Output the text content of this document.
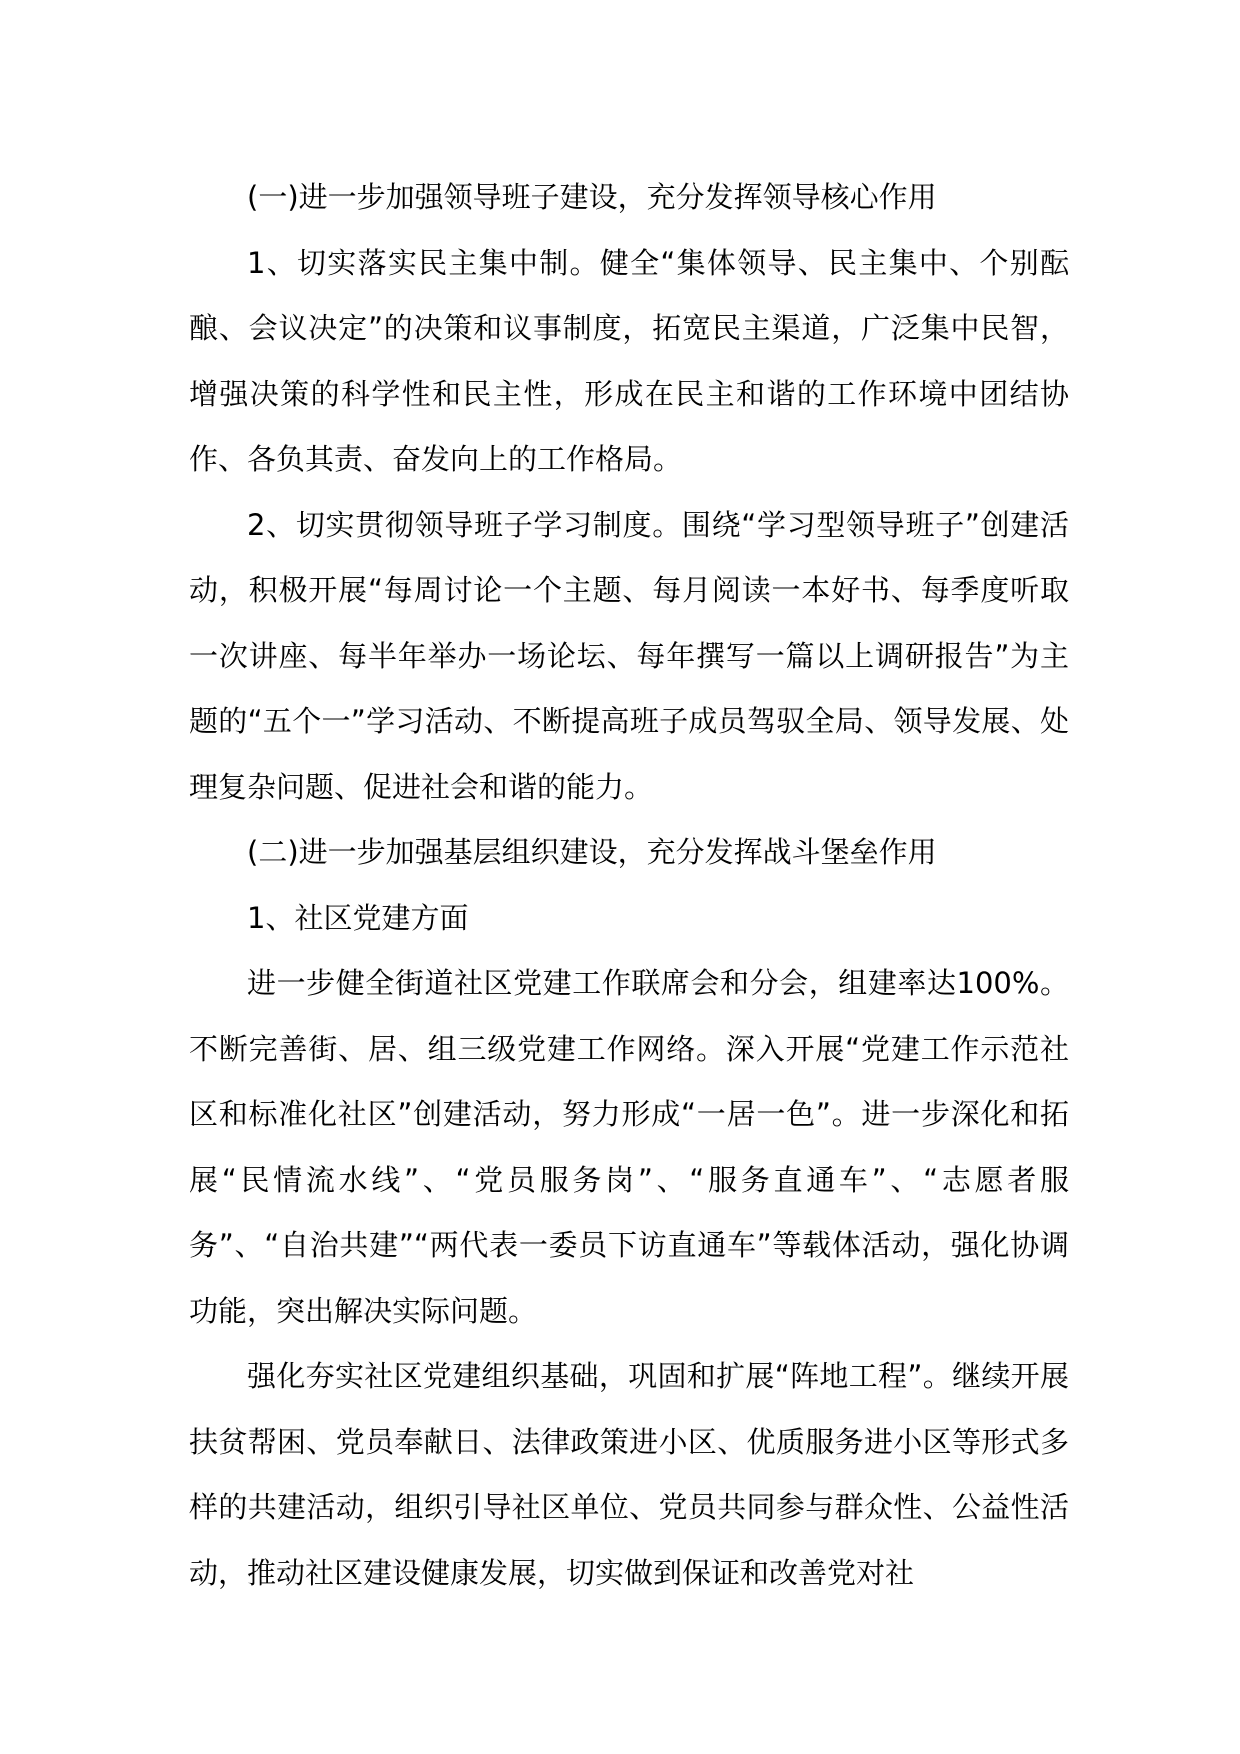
(一)进一步加强领导班子建设，充分发挥领导核心作用

1、切实落实民主集中制。健全“集体领导、民主集中、个别酝酿、会议决定”的决策和议事制度，拓宽民主渠道，广泛集中民智，增强决策的科学性和民主性，形成在民主和谐的工作环境中团结协作、各负其责、奋发向上的工作格局。

2、切实贯彻领导班子学习制度。围绕“学习型领导班子”创建活动，积极开展“每周讨论一个主题、每月阅读一本好书、每季度听取一次讲座、每半年举办一场论坛、每年撰写一篇以上调研报告”为主题的“五个一”学习活动、不断提高班子成员驾驭全局、领导发展、处理复杂问题、促进社会和谐的能力。

(二)进一步加强基层组织建设，充分发挥战斗堡垒作用

1、社区党建方面

进一步健全街道社区党建工作联席会和分会，组建率达100%。不断完善街、居、组三级党建工作网络。深入开展“党建工作示范社区和标准化社区”创建活动，努力形成“一居一色”。进一步深化和拓展“民情流水线”、“党员服务岗”、“服务直通车”、“志愿者服务”、“自治共建”“两代表一委员下访直通车”等载体活动，强化协调功能，突出解决实际问题。

强化夯实社区党建组织基础，巩固和扩展“阵地工程”。继续开展扶贫帮困、党员奉献日、法律政策进小区、优质服务进小区等形式多样的共建活动，组织引导社区单位、党员共同参与群众性、公益性活动，推动社区建设健康发展，切实做到保证和改善党对社
